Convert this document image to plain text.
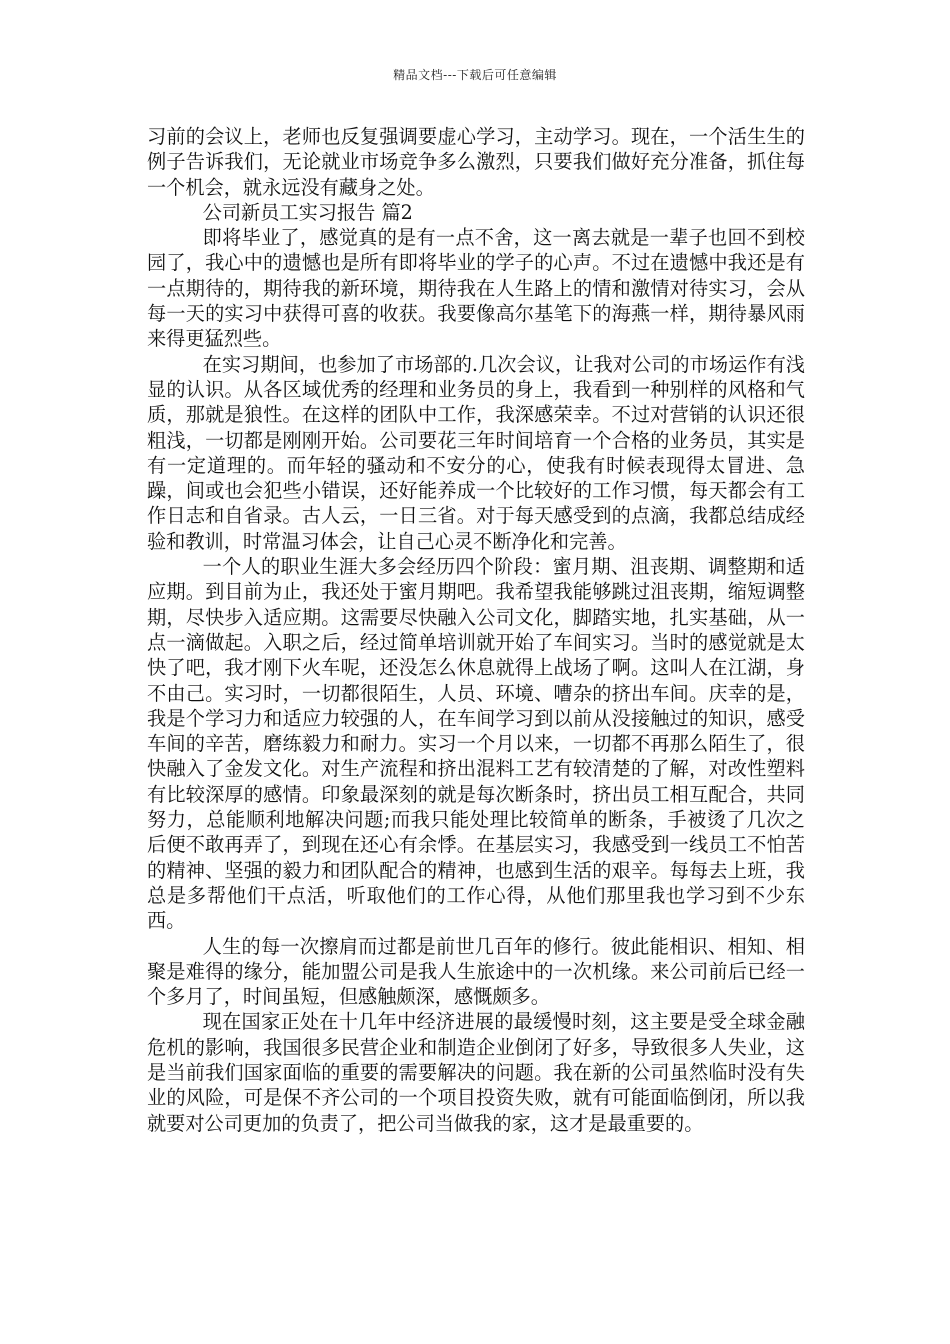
精品文档---下载后可任意编辑

习前的会议上，老师也反复强调要虚心学习，主动学习。现在，一个活生生的例子告诉我们，无论就业市场竞争多么激烈，只要我们做好充分准备，抓住每一个机会，就永远没有藏身之处。

公司新员工实习报告 篇2

即将毕业了，感觉真的是有一点不舍，这一离去就是一辈子也回不到校园了，我心中的遗憾也是所有即将毕业的学子的心声。不过在遗憾中我还是有一点期待的，期待我的新环境，期待我在人生路上的情和激情对待实习，会从每一天的实习中获得可喜的收获。我要像高尔基笔下的海燕一样，期待暴风雨来得更猛烈些。

在实习期间，也参加了市场部的.几次会议，让我对公司的市场运作有浅显的认识。从各区域优秀的经理和业务员的身上，我看到一种别样的风格和气质，那就是狼性。在这样的团队中工作，我深感荣幸。不过对营销的认识还很粗浅，一切都是刚刚开始。公司要花三年时间培育一个合格的业务员，其实是有一定道理的。而年轻的骚动和不安分的心，使我有时候表现得太冒进、急躁，间或也会犯些小错误，还好能养成一个比较好的工作习惯，每天都会有工作日志和自省录。古人云，一日三省。对于每天感受到的点滴，我都总结成经验和教训，时常温习体会，让自己心灵不断净化和完善。

一个人的职业生涯大多会经历四个阶段：蜜月期、沮丧期、调整期和适应期。到目前为止，我还处于蜜月期吧。我希望我能够跳过沮丧期，缩短调整期，尽快步入适应期。这需要尽快融入公司文化，脚踏实地，扎实基础，从一点一滴做起。入职之后，经过简单培训就开始了车间实习。当时的感觉就是太快了吧，我才刚下火车呢，还没怎么休息就得上战场了啊。这叫人在江湖，身不由己。实习时，一切都很陌生，人员、环境、嘈杂的挤出车间。庆幸的是，我是个学习力和适应力较强的人，在车间学习到以前从没接触过的知识，感受车间的辛苦，磨练毅力和耐力。实习一个月以来，一切都不再那么陌生了，很快融入了金发文化。对生产流程和挤出混料工艺有较清楚的了解，对改性塑料有比较深厚的感情。印象最深刻的就是每次断条时，挤出员工相互配合，共同努力，总能顺利地解决问题;而我只能处理比较简单的断条，手被烫了几次之后便不敢再弄了，到现在还心有余悸。在基层实习，我感受到一线员工不怕苦的精神、坚强的毅力和团队配合的精神，也感到生活的艰辛。每每去上班，我总是多帮他们干点活，听取他们的工作心得，从他们那里我也学习到不少东西。

人生的每一次擦肩而过都是前世几百年的修行。彼此能相识、相知、相聚是难得的缘分，能加盟公司是我人生旅途中的一次机缘。来公司前后已经一个多月了，时间虽短，但感触颇深，感慨颇多。

现在国家正处在十几年中经济进展的最缓慢时刻，这主要是受全球金融危机的影响，我国很多民营企业和制造企业倒闭了好多，导致很多人失业，这是当前我们国家面临的重要的需要解决的问题。我在新的公司虽然临时没有失业的风险，可是保不齐公司的一个项目投资失败，就有可能面临倒闭，所以我就要对公司更加的负责了，把公司当做我的家，这才是最重要的。
